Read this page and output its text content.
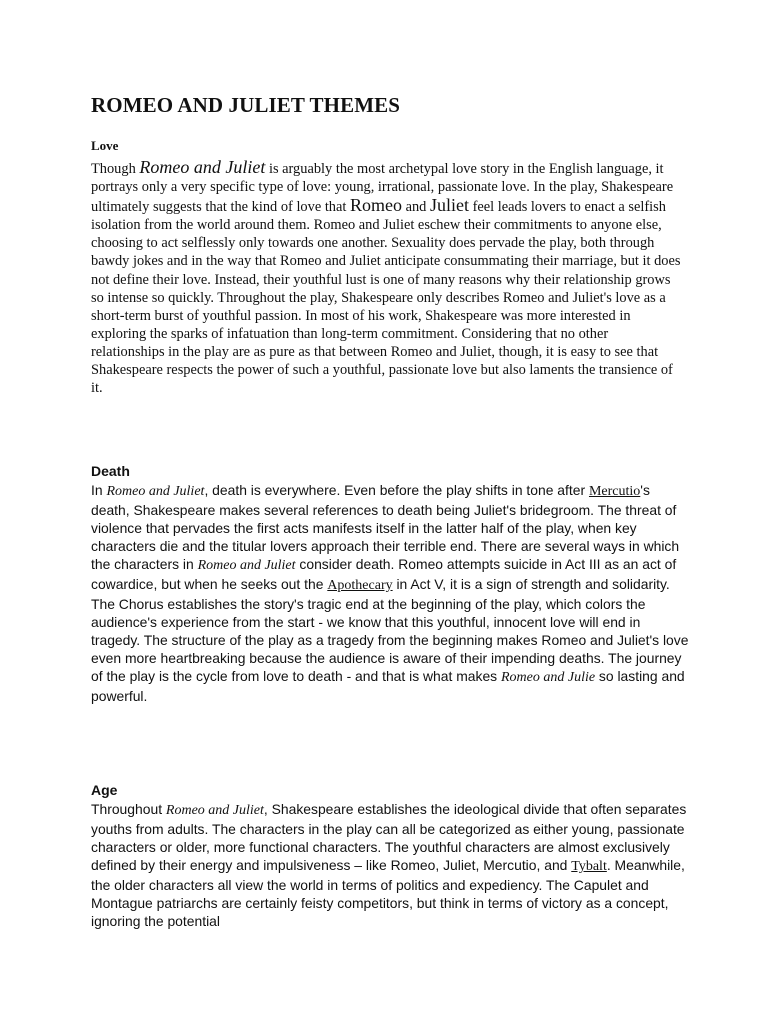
ROMEO AND JULIET THEMES
Love

Though Romeo and Juliet is arguably the most archetypal love story in the English language, it portrays only a very specific type of love: young, irrational, passionate love. In the play, Shakespeare ultimately suggests that the kind of love that Romeo and Juliet feel leads lovers to enact a selfish isolation from the world around them. Romeo and Juliet eschew their commitments to anyone else, choosing to act selflessly only towards one another. Sexuality does pervade the play, both through bawdy jokes and in the way that Romeo and Juliet anticipate consummating their marriage, but it does not define their love. Instead, their youthful lust is one of many reasons why their relationship grows so intense so quickly. Throughout the play, Shakespeare only describes Romeo and Juliet's love as a short-term burst of youthful passion. In most of his work, Shakespeare was more interested in exploring the sparks of infatuation than long-term commitment. Considering that no other relationships in the play are as pure as that between Romeo and Juliet, though, it is easy to see that Shakespeare respects the power of such a youthful, passionate love but also laments the transience of it.

Death

In Romeo and Juliet, death is everywhere. Even before the play shifts in tone after Mercutio's death, Shakespeare makes several references to death being Juliet's bridegroom. The threat of violence that pervades the first acts manifests itself in the latter half of the play, when key characters die and the titular lovers approach their terrible end. There are several ways in which the characters in Romeo and Juliet consider death. Romeo attempts suicide in Act III as an act of cowardice, but when he seeks out the Apothecary in Act V, it is a sign of strength and solidarity. The Chorus establishes the story's tragic end at the beginning of the play, which colors the audience's experience from the start - we know that this youthful, innocent love will end in tragedy. The structure of the play as a tragedy from the beginning makes Romeo and Juliet's love even more heartbreaking because the audience is aware of their impending deaths. The journey of the play is the cycle from love to death - and that is what makes Romeo and Julie so lasting and powerful.

Age

Throughout Romeo and Juliet, Shakespeare establishes the ideological divide that often separates youths from adults. The characters in the play can all be categorized as either young, passionate characters or older, more functional characters. The youthful characters are almost exclusively defined by their energy and impulsiveness – like Romeo, Juliet, Mercutio, and Tybalt. Meanwhile, the older characters all view the world in terms of politics and expediency. The Capulet and Montague patriarchs are certainly feisty competitors, but think in terms of victory as a concept, ignoring the potential
